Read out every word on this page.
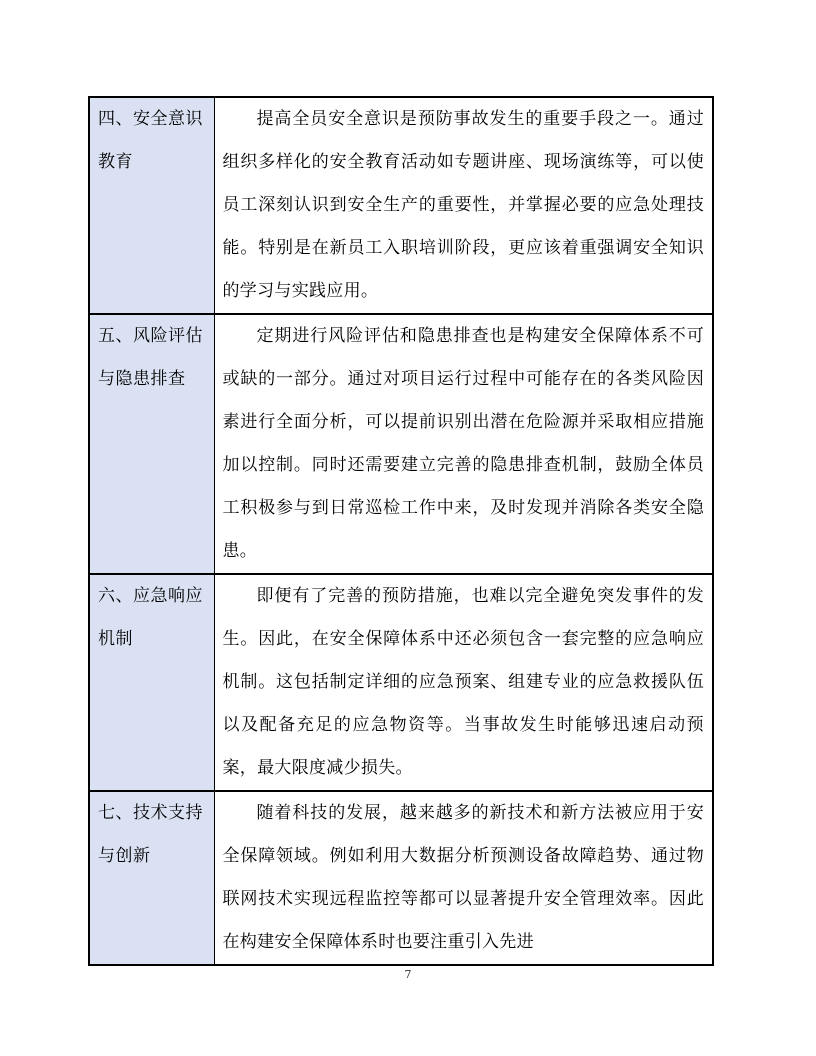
四、安全意识教育	提高全员安全意识是预防事故发生的重要手段之一。通过组织多样化的安全教育活动如专题讲座、现场演练等，可以使员工深刻认识到安全生产的重要性，并掌握必要的应急处理技能。特别是在新员工入职培训阶段，更应该着重强调安全知识的学习与实践应用。

五、风险评估与隐患排查	定期进行风险评估和隐患排查也是构建安全保障体系不可或缺的一部分。通过对项目运行过程中可能存在的各类风险因素进行全面分析，可以提前识别出潜在危险源并采取相应措施加以控制。同时还需要建立完善的隐患排查机制，鼓励全体员工积极参与到日常巡检工作中来，及时发现并消除各类安全隐患。

六、应急响应机制	即便有了完善的预防措施，也难以完全避免突发事件的发生。因此，在安全保障体系中还必须包含一套完整的应急响应机制。这包括制定详细的应急预案、组建专业的应急救援队伍以及配备充足的应急物资等。当事故发生时能够迅速启动预案，最大限度减少损失。

七、技术支持与创新	随着科技的发展，越来越多的新技术和新方法被应用于安全保障领域。例如利用大数据分析预测设备故障趋势、通过物联网技术实现远程监控等都可以显著提升安全管理效率。因此在构建安全保障体系时也要注重引入先进
7
